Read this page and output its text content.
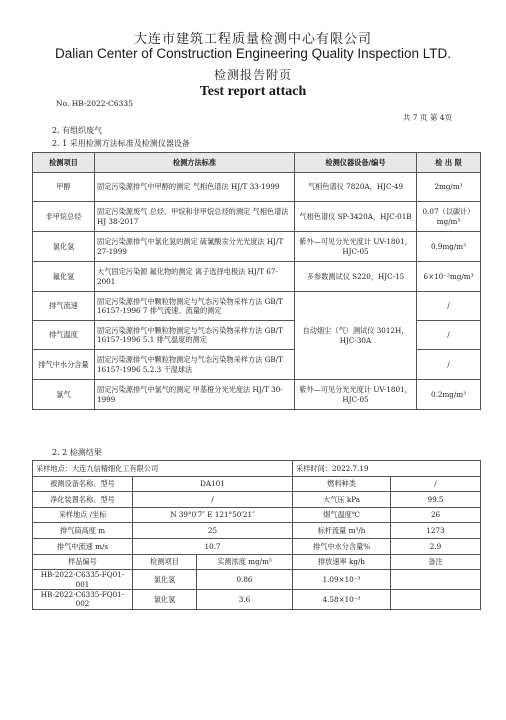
大连市建筑工程质量检测中心有限公司
Dalian Center of Construction Engineering Quality Inspection LTD.
检测报告附页
Test report attach
No. HB-2022-C6335
共 7 页 第 4页
2. 有组织废气
2. 1 采用检测方法标准及检测仪器设备
检测项目	检测方法标准	检测仪器设备/编号	检 出 限
甲醇	固定污染源排气中甲醇的测定 气相色谱法 HJ/T 33-1999	气相色谱仪 7820A，HJC-49	2mg/m³
非甲烷总烃	固定污染源废气 总烃、甲烷和非甲烷总烃的测定 气相色谱法 HJ 38-2017	气相色谱仪 SP-3420A，HJC-01B	0.07（以碳计）mg/m³
氯化氢	固定污染源排气中氯化氢的测定 硫氰酸汞分光光度法 HJ/T 27-1999	紫外—可见分光光度计 UV-1801，HJC-05	0.9mg/m³
氟化氢	大气固定污染源 氟化物的测定 离子选择电极法 HJ/T 67-2001	多参数测试仪 S220，HJC-15	6×10⁻²mg/m³
排气流速	固定污染源排气中颗粒物测定与气态污染物采样方法 GB/T 16157-1996 7 排气流速、流量的测定	自动烟尘（气）测试仪 3012H，HJC-30A	/
排气温度	固定污染源排气中颗粒物测定与气态污染物采样方法 GB/T 16157-1996 5.1 排气温度的测定		/
排气中水分含量	固定污染源排气中颗粒物测定与气态污染物采样方法 GB/T 16157-1996 5.2.3 干湿球法		/
氯气	固定污染源排气中氯气的测定 甲基橙分光光度法 HJ/T 30-1999	紫外—可见分光光度计 UV-1801，HJC-05	0.2mg/m³
2. 2 检测结果
采样地点：大连九信精细化工有限公司			采样时间：2022.7.19	
被测设备名称、型号	DA101		燃料种类	/
净化装置名称、型号	/		大气压 kPa	99.5
采样地点 /坐标	N 39°0′7″ E 121°50′21″		烟气温度℃	26
排气筒高度 m	25		标杆流量 m³/h	1273
排气中流速 m/s	10.7		排气中水分含量%	2.9
样品编号	检测项目	实测浓度 mg/m³	排放速率 kg/h	备注
HB-2022-C6335-FQ01-001	氯化氢	0.86	1.09×10⁻³	
HB-2022-C6335-FQ01-002	氯化氢	3.6	4.58×10⁻³	
